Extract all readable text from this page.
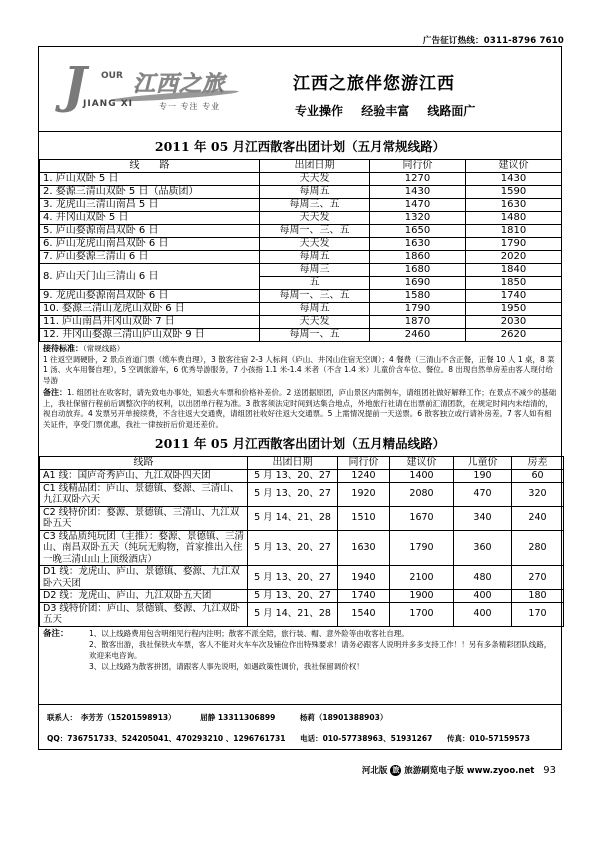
广告征订热线：0311-8796 7610
J OUR 江西之旅
JIANG XI	专一 专注 专业
江西之旅伴您游江西
专业操作 经验丰富 线路面广
2011 年 05 月江西散客出团计划（五月常规线路）
线　　路	出团日期	同行价	建议价
1. 庐山双卧 5 日	天天发	1270	1430
2. 婺源三清山双卧 5 日（品质团）	每周五	1430	1590
3. 龙虎山三清山南昌 5 日	每周三、五	1470	1630
4. 井冈山双卧 5 日	天天发	1320	1480
5. 庐山婺源南昌双卧 6 日	每周一、三、五	1650	1810
6. 庐山龙虎山南昌双卧 6 日	天天发	1630	1790
7. 庐山婺源三清山 6 日	每周五	1860	2020
8. 庐山天门山三清山 6 日	每周三	1680	1840
	五	1690	1850
9. 龙虎山婺源南昌双卧 6 日	每周一、三、五	1580	1740
10. 婺源三清山龙虎山双卧 6 日	每周五	1790	1950
11. 庐山南昌井冈山双卧 7 日	天天发	1870	2030
12. 井冈山婺源三清山庐山双卧 9 日	每周一、五	2460	2620
接待标准：（常规线路）
1 往返空调硬卧，2 景点首道门票（缆车费自理），3 散客往宿 2-3 人标间（庐山、井冈山住宿无空调）；4 餐费（三清山不含正餐，正餐 10 人 1 桌，8 菜 1 汤、火车用餐自理），5 空调旅游车，6 优秀导游服务，7 小孩指 1.1 米-1.4 米者（不含 1.4 米）儿童价含车位、餐位。8 出现自然单房差由客人现付给导游
备注：1. 组团社在收客时，请先致电办事处，知悉火车票和价格补差价。2 送团据原团，庐山景区内需例车，请组团社做好解释工作；在景点不减少的基础上，我社保留行程前后调整次序的权利，以出团单行程为准。3 散客须法定时间到达集合地点，外地旅行社请在出票前汇清团款，在规定时间内未结清的，视自动放弃。4 发票另开单接续费，不含往返大交通费，请组团社收好往返大交通票。5 上需情况提前一天送票。6 散客独立或行请补房差。7 客人如有相关证件，享受门票优惠，我社一律按折后价退还差价。
2011 年 05 月江西散客出团计划（五月精品线路）
线路	出团日期	同行价	建议价	儿童价	房差
A1 线：国庐奇秀庐山、九江双卧四天团	5 月 13、20、27	1240	1400	190	60
C1 线精品团：庐山、景德镇、婺源、三清山、九江双卧六天	5 月 13、20、27	1920	2080	470	320
C2 线特价团：婺源、景德镇、三清山、九江双卧五天	5 月 14、21、28	1510	1670	340	240
C3 线品质纯玩团（主推）：婺源、景德镇、三清山、南昌双卧五天（纯玩无购物，首家推出入住一晚三清山山上顶级酒店）	5 月 13、20、27	1630	1790	360	280
D1 线：龙虎山、庐山、景德镇、婺源、九江双卧六天团	5 月 13、20、27	1940	2100	480	270
D2 线：龙虎山、庐山、九江双卧五天团	5 月 13、20、27	1740	1900	400	180
D3 线特价团：庐山、景德镇、婺源、九江双卧五天	5 月 14、21、28	1540	1700	400	170
备注：	1、以上线路费用包含明细见行程内注明；散客不派全陪，旅行装、帽、意外险等由收客社自理。
2、散客出游，我社保铁火车票，客人不能对火车车次及铺位作出特殊要求！请务必跟客人说明并多多支持工作！！另有多条精彩团队线路，欢迎来电咨询。
3、以上线路为散客拼团，请跟客人事先说明，如遇政策性调价，我社保留调价权！
联系人：　李芳芳（15201598913）	屈静 13311306899	杨莉（18901388903）
QQ：736751733、524205041、470293210 、1296761731 电话：010-57738963、51931267 传真：010-57159573
河北版 旅 旅游刷览电子版 www.zyoo.net 93
